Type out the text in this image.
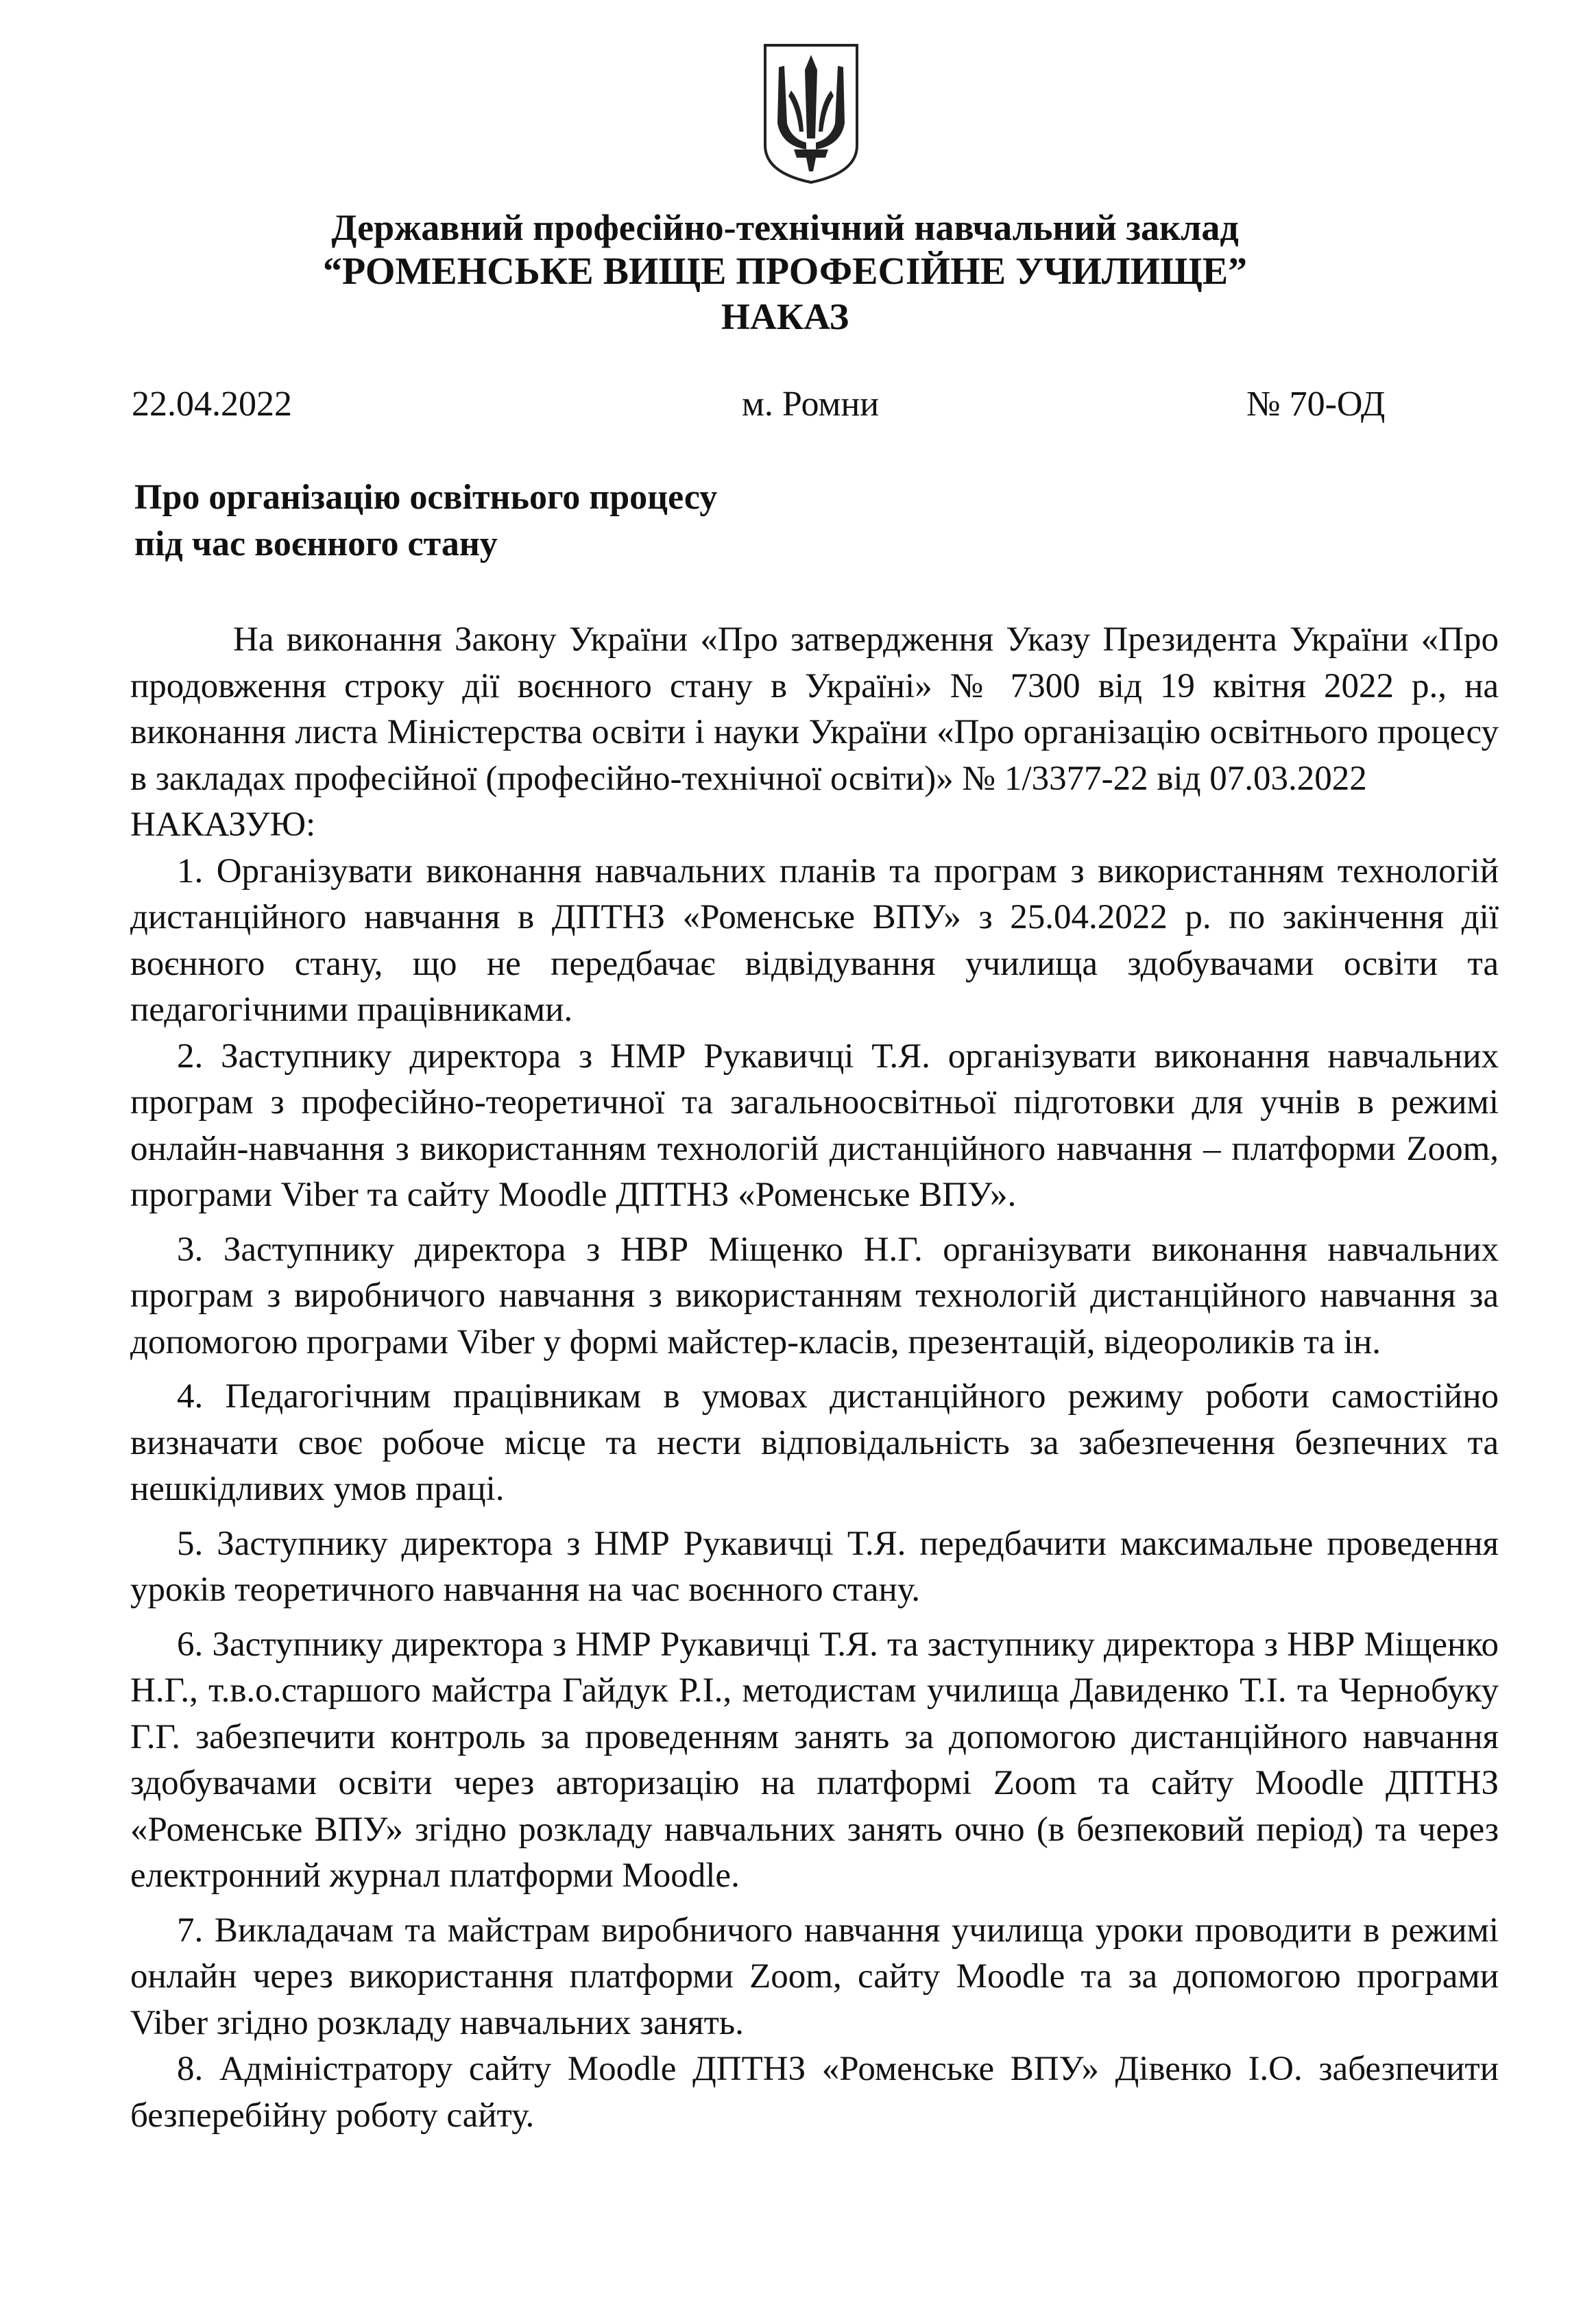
Державний професійно-технічний навчальний заклад
“РОМЕНСЬКЕ ВИЩЕ ПРОФЕСІЙНЕ УЧИЛИЩЕ”
НАКАЗ
22.04.2022	м. Ромни	№ 70-ОД
Про організацію освітнього процесу
під час воєнного стану

На виконання Закону України «Про затвердження Указу Президента України «Про продовження строку дії воєнного стану в Україні» № 7300 від 19 квітня 2022 р., на виконання листа Міністерства освіти і науки України «Про організацію освітнього процесу в закладах професійної (професійно-технічної освіти)» № 1/3377-22 від 07.03.2022

НАКАЗУЮ:

1. Організувати виконання навчальних планів та програм з використанням технологій дистанційного навчання в ДПТНЗ «Роменське ВПУ» з 25.04.2022 р. по закінчення дії воєнного стану, що не передбачає відвідування училища здобувачами освіти та педагогічними працівниками.

2. Заступнику директора з НМР Рукавичці Т.Я. організувати виконання навчальних програм з професійно-теоретичної та загальноосвітньої підготовки для учнів в режимі онлайн-навчання з використанням технологій дистанційного навчання – платформи Zoom, програми Viber та сайту Moodle ДПТНЗ «Роменське ВПУ».

3. Заступнику директора з НВР Міщенко Н.Г. організувати виконання навчальних програм з виробничого навчання з використанням технологій дистанційного навчання за допомогою програми Viber у формі майстер-класів, презентацій, відеороликів та ін.

4. Педагогічним працівникам в умовах дистанційного режиму роботи самостійно визначати своє робоче місце та нести відповідальність за забезпечення безпечних та нешкідливих умов праці.

5. Заступнику директора з НМР Рукавичці Т.Я. передбачити максимальне проведення уроків теоретичного навчання на час воєнного стану.

6. Заступнику директора з НМР Рукавичці Т.Я. та заступнику директора з НВР Міщенко Н.Г., т.в.о.старшого майстра Гайдук Р.І., методистам училища Давиденко Т.І. та Чернобуку Г.Г. забезпечити контроль за проведенням занять за допомогою дистанційного навчання здобувачами освіти через авторизацію на платформі Zoom та сайту Moodle ДПТНЗ «Роменське ВПУ» згідно розкладу навчальних занять очно (в безпековий період) та через електронний журнал платформи Moodle.

7. Викладачам та майстрам виробничого навчання училища уроки проводити в режимі онлайн через використання платформи Zoom, сайту Moodle та за допомогою програми Viber згідно розкладу навчальних занять.

8. Адміністратору сайту Moodle ДПТНЗ «Роменське ВПУ» Дівенко І.О. забезпечити безперебійну роботу сайту.
